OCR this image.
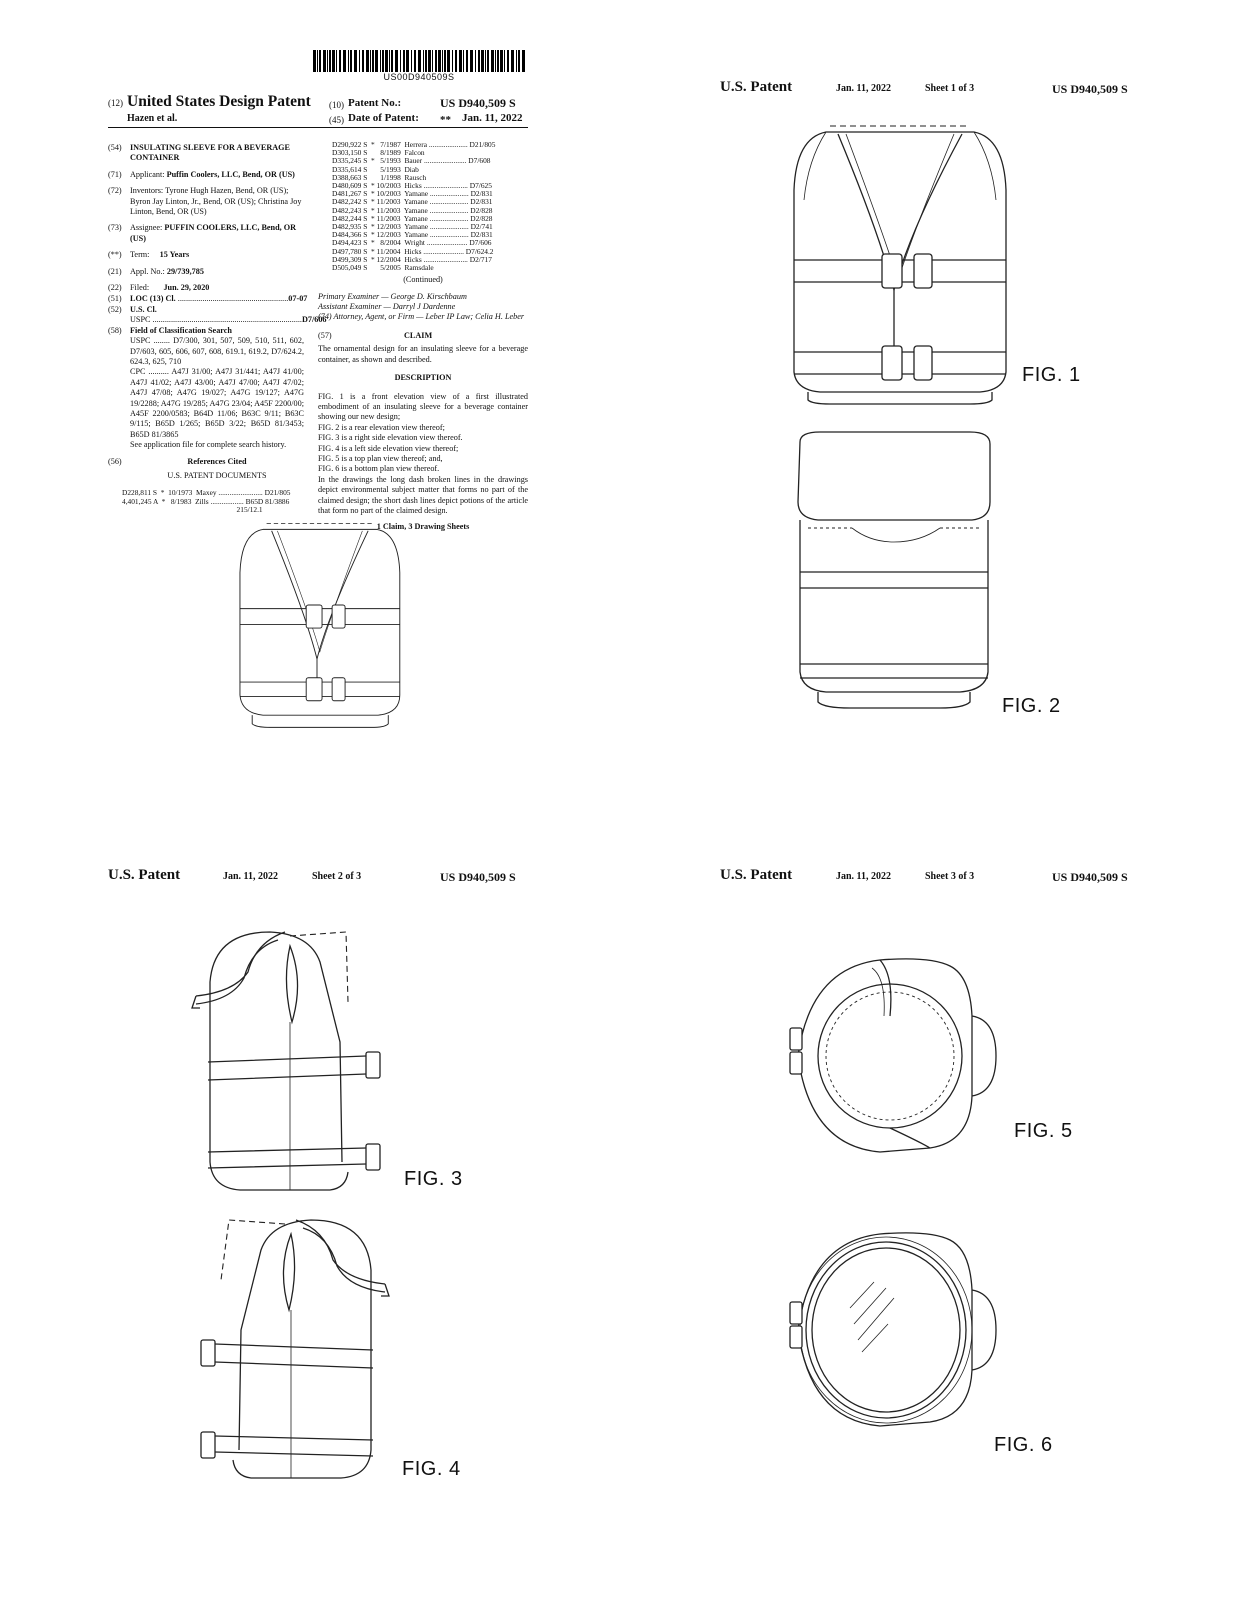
US00D940509S
(12) United States Design Patent
Hazen et al.
(10) Patent No.:	US D940,509 S
(45) Date of Patent: ** Jan. 11, 2022
(54)	INSULATING SLEEVE FOR A BEVERAGE CONTAINER
(71)	Applicant: Puffin Coolers, LLC, Bend, OR (US)
(72)	Inventors: Tyrone Hugh Hazen, Bend, OR (US); Byron Jay Linton, Jr., Bend, OR (US); Christina Joy Linton, Bend, OR (US)
(73)	Assignee: PUFFIN COOLERS, LLC, Bend, OR (US)
(**)	Term: 15 Years
(21)	Appl. No.: 29/739,785
(22)	Filed: Jun. 29, 2020
(51)	LOC (13) Cl.
...................................................... 07-07
(52)	U.S. Cl.
USPC
......................................................................... D7/606
(58)	Field of Classification Search
USPC ........ D7/300, 301, 507, 509, 510, 511, 602, D7/603, 605, 606, 607, 608, 619.1, 619.2, D7/624.2, 624.3, 625, 710
CPC .......... A47J 31/00; A47J 31/441; A47J 41/00; A47J 41/02; A47J 43/00; A47J 47/00; A47J 47/02; A47J 47/08; A47G 19/027; A47G 19/127; A47G 19/2288; A47G 19/285; A47G 23/04; A45F 2200/00; A45F 2200/0583; B64D 11/06; B63C 9/11; B63C 9/115; B65D 1/265; B65D 3/22; B65D 81/3453; B65D 81/3865
See application file for complete search history.
(56)	References Cited
U.S. PATENT DOCUMENTS
D228,811 S  *  10/1973  Maxey ........................ D21/805
4,401,245 A  *   8/1983  Zills .................. B65D 81/3886
215/12.1
D290,922 S  *   7/1987  Herrera ..................... D21/805
D303,150 S       8/1989  Falcon
D335,245 S  *   5/1993  Bauer ....................... D7/608
D335,614 S       5/1993  Diab
D388,663 S       1/1998  Rausch
D480,609 S  * 10/2003  Hicks ........................ D7/625
D481,267 S  * 10/2003  Yamane ..................... D2/831
D482,242 S  * 11/2003  Yamane ..................... D2/831
D482,243 S  * 11/2003  Yamane ..................... D2/828
D482,244 S  * 11/2003  Yamane ..................... D2/828
D482,935 S  * 12/2003  Yamane ..................... D2/741
D484,366 S  * 12/2003  Yamane ..................... D2/831
D494,423 S  *   8/2004  Wright ...................... D7/606
D497,780 S  * 11/2004  Hicks ...................... D7/624.2
D499,309 S  * 12/2004  Hicks ........................ D2/717
D505,049 S       5/2005  Ramsdale
(Continued)
Primary Examiner — George D. Kirschbaum
Assistant Examiner — Darryl J Dardenne
(74) Attorney, Agent, or Firm — Leber IP Law; Celia H. Leber
(57)	CLAIM
The ornamental design for an insulating sleeve for a beverage container, as shown and described.
DESCRIPTION
FIG. 1 is a front elevation view of a first illustrated embodiment of an insulating sleeve for a beverage container showing our new design;
FIG. 2 is a rear elevation view thereof;
FIG. 3 is a right side elevation view thereof.
FIG. 4 is a left side elevation view thereof;
FIG. 5 is a top plan view thereof; and,
FIG. 6 is a bottom plan view thereof.
In the drawings the long dash broken lines in the drawings depict environmental subject matter that forms no part of the claimed design; the short dash lines depict potions of the article that form no part of the claimed design.
1 Claim, 3 Drawing Sheets
U.S. Patent	Jan. 11, 2022	Sheet 1 of 3	US D940,509 S
U.S. Patent	Jan. 11, 2022	Sheet 2 of 3	US D940,509 S	U.S. Patent	Jan. 11, 2022	Sheet 3 of 3	US D940,509 S
FIG. 1
FIG. 2
FIG. 3
FIG. 4
FIG. 5
FIG. 6
